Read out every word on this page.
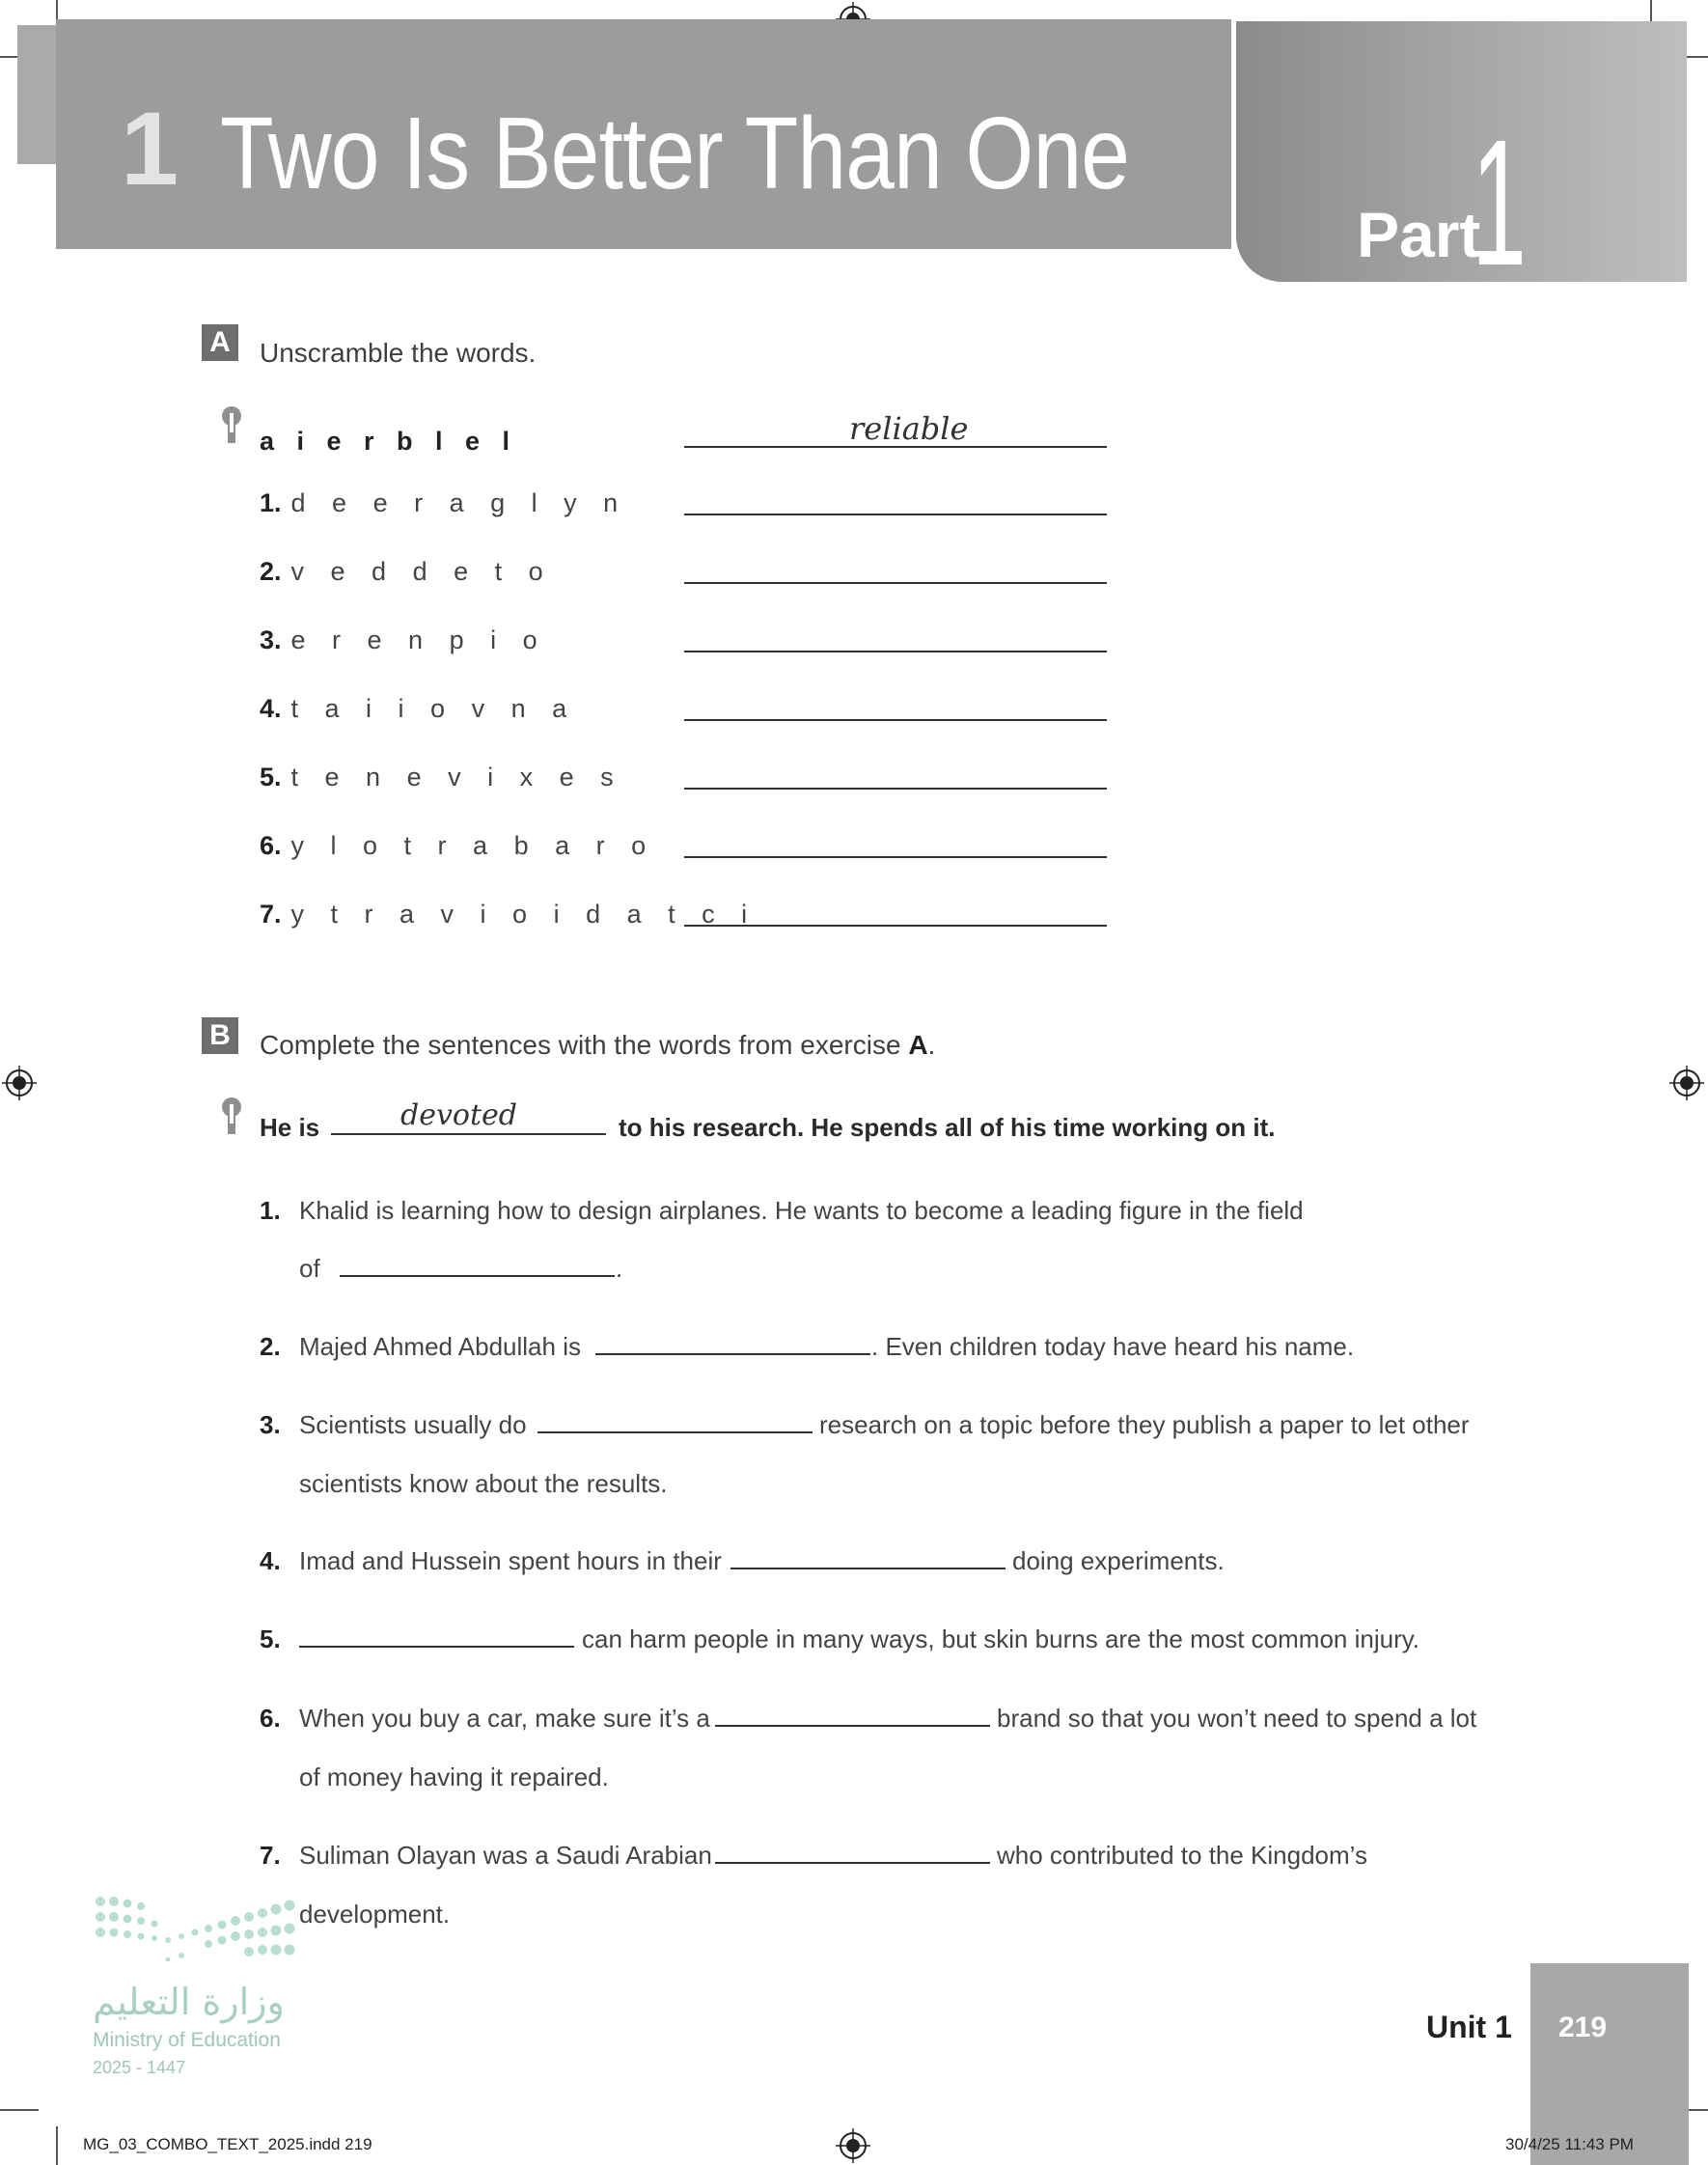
1 Two Is Better Than One
Part
1
A Unscramble the words.
a i e r b l e l	reliable
1. d e e r a g l y n
2. v e d d e t o
3. e r e n p i o
4. t a i i o v n a
5. t e n e v i x e s
6. y l o t r a b a r o
7. y t r a v i o i d a t c i
B Complete the sentences with the words from exercise A.
He is	devoted	to his research. He spends all of his time working on it.
1. Khalid is learning how to design airplanes. He wants to become a leading figure in the field
of	.
2. Majed Ahmed Abdullah is	. Even children today have heard his name.
3. Scientists usually do	research on a topic before they publish a paper to let other
scientists know about the results.
4. Imad and Hussein spent hours in their	doing experiments.
5.	can harm people in many ways, but skin burns are the most common injury.
6. When you buy a car, make sure it’s a	brand so that you won’t need to spend a lot
of money having it repaired.
7. Suliman Olayan was a Saudi Arabian	who contributed to the Kingdom’s
development.
وزارة التعليم
Ministry of Education
2025 - 1447
Unit 1 219
MG_03_COMBO_TEXT_2025.indd 219	30/4/25 11:43 PM
